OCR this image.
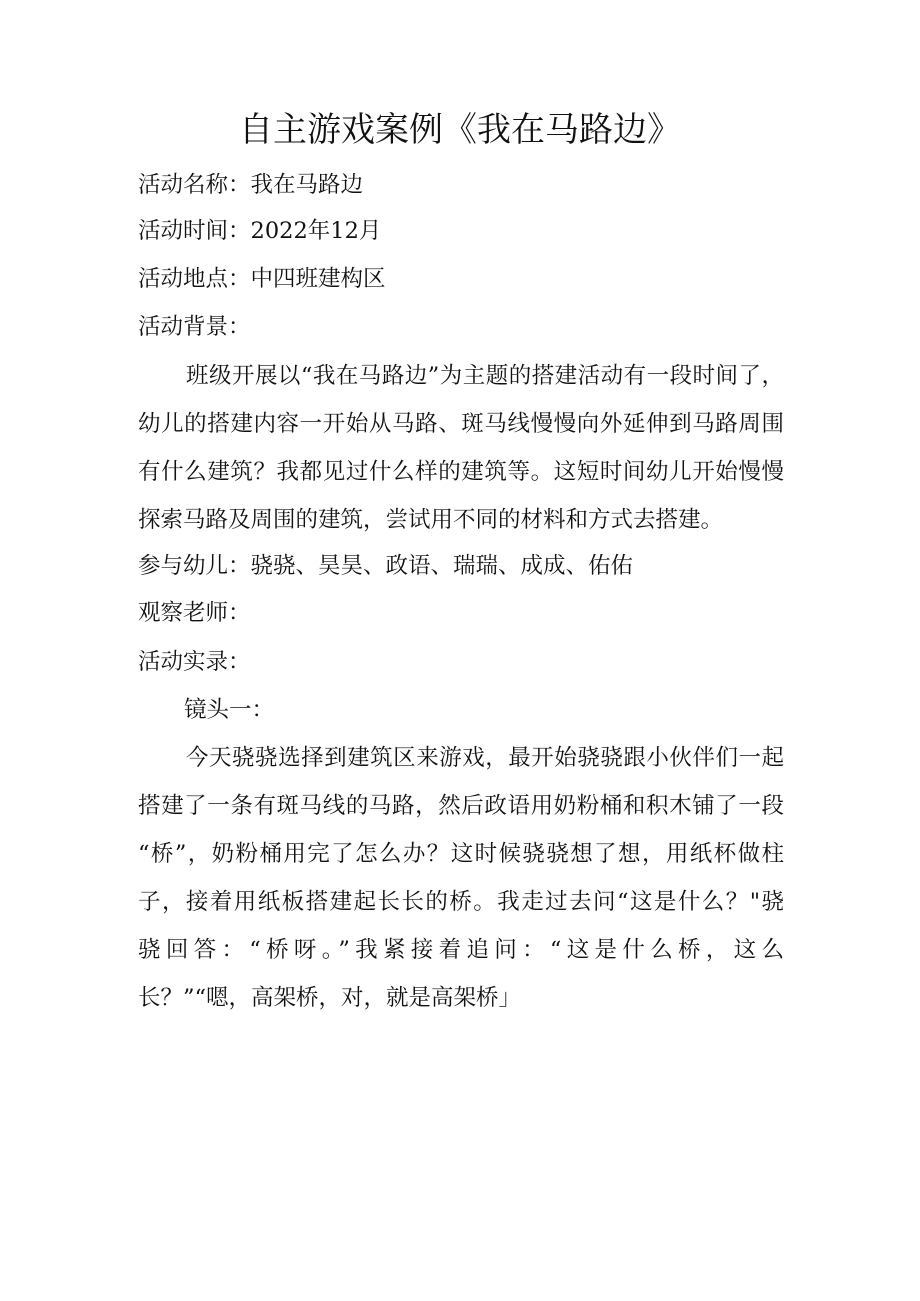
自主游戏案例《我在马路边》

活动名称：我在马路边

活动时间：2022年12月

活动地点：中四班建构区

活动背景：

班级开展以“我在马路边”为主题的搭建活动有一段时间了，
幼儿的搭建内容一开始从马路、斑马线慢慢向外延伸到马路周围
有什么建筑？我都见过什么样的建筑等。这短时间幼儿开始慢慢
探索马路及周围的建筑，尝试用不同的材料和方式去搭建。

参与幼儿：骁骁、昊昊、政语、瑞瑞、成成、佑佑

观察老师：

活动实录：

镜头一：

今天骁骁选择到建筑区来游戏，最开始骁骁跟小伙伴们一起
搭建了一条有斑马线的马路，然后政语用奶粉桶和积木铺了一段
“桥”，奶粉桶用完了怎么办？这时候骁骁想了想，用纸杯做柱
子，接着用纸板搭建起长长的桥。我走过去问“这是什么？"骁
骁回答：“桥呀。”我紧接着追问：“这是什么桥，这么
长？”“嗯，高架桥，对，就是高架桥」
